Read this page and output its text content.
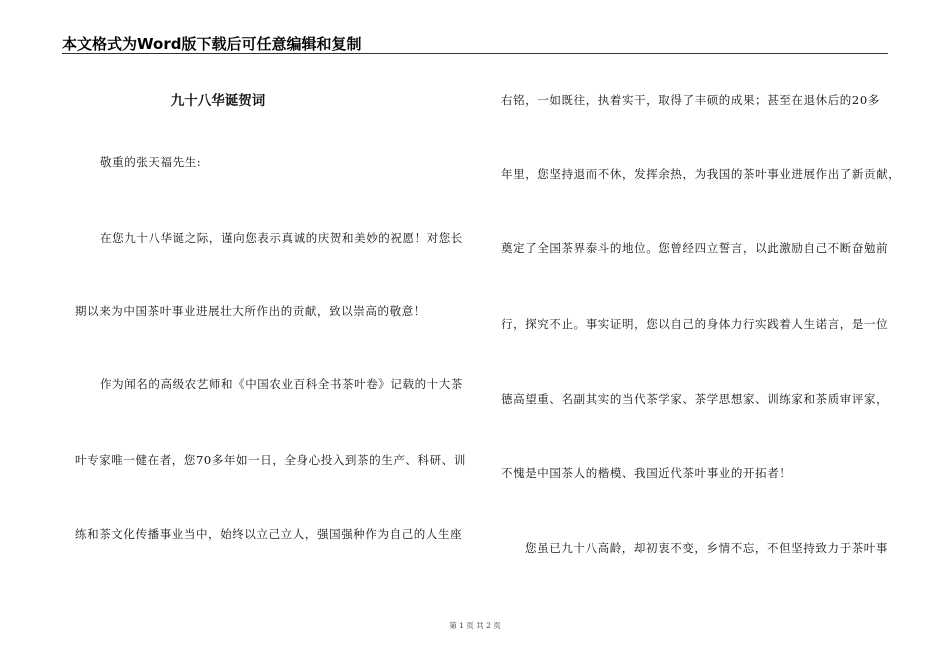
本文格式为Word版下载后可任意编辑和复制
九十八华诞贺词
敬重的张天福先生:
在您九十八华诞之际，谨向您表示真诚的庆贺和美妙的祝愿！对您长
期以来为中国茶叶事业进展壮大所作出的贡献，致以崇高的敬意！
作为闻名的高级农艺师和《中国农业百科全书茶叶卷》记载的十大茶
叶专家唯一健在者，您70多年如一日，全身心投入到茶的生产、科研、训
练和茶文化传播事业当中，始终以立己立人，强国强种作为自己的人生座
右铭，一如既往，执着实干，取得了丰硕的成果；甚至在退休后的20多
年里，您坚持退而不休，发挥余热，为我国的茶叶事业进展作出了新贡献，
奠定了全国茶界泰斗的地位。您曾经四立誓言，以此激励自己不断奋勉前
行，探究不止。事实证明，您以自己的身体力行实践着人生诺言，是一位
德高望重、名副其实的当代茶学家、茶学思想家、训练家和茶质审评家，
不愧是中国茶人的楷模、我国近代茶叶事业的开拓者！
您虽已九十八高龄，却初衷不变，乡情不忘，不但坚持致力于茶叶事
第 1 页 共 2 页
